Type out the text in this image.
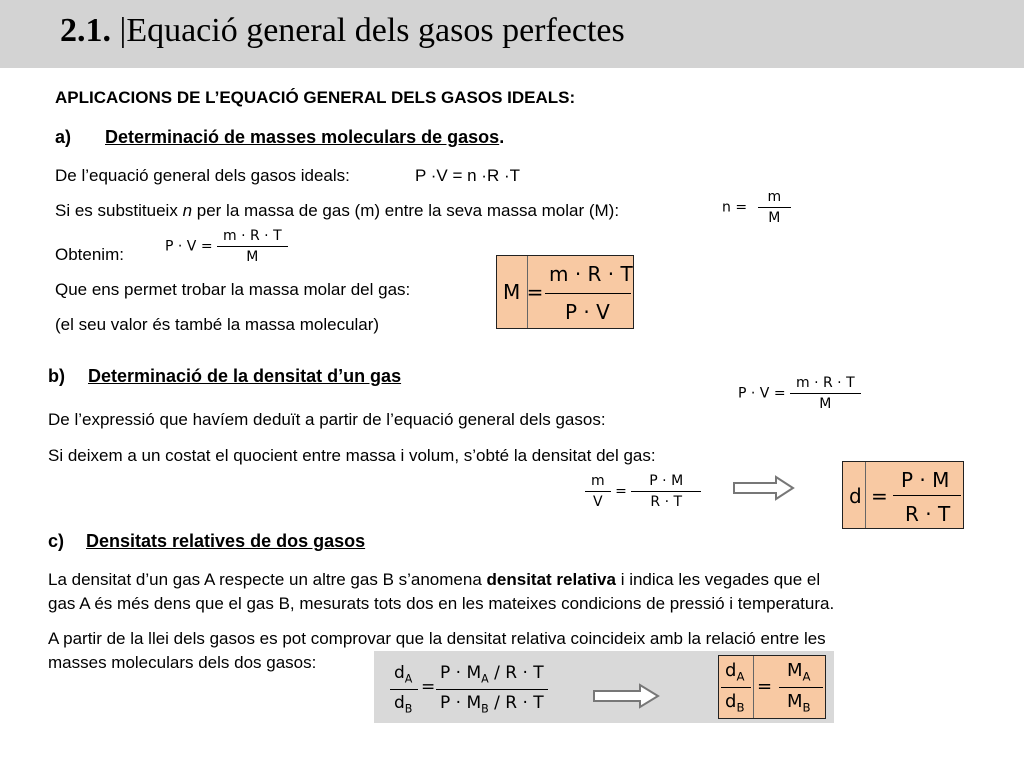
2.1. |Equació general dels gasos perfectes
APLICACIONS DE L’EQUACIÓ GENERAL DELS GASOS IDEALS:
a) Determinació de masses moleculars de gasos.
De l’equació general dels gasos ideals:	P ·V = n ·R ·T
Si es substitueix n per la massa de gas (m) entre la seva massa molar (M):	$n = \frac{m}{M}$
Obtenim:	$P \cdot V = \frac{m \cdot R \cdot T}{M}$
Que ens permet trobar la massa molar del gas:
(el seu valor és també la massa molecular)
M =
m · R · T
P · V
b) Determinació de la densitat d’un gas
$P \cdot V = \frac{m \cdot R \cdot T}{M}$
De l’expressió que havíem deduït a partir de l’equació general dels gasos:
Si deixem a un costat el quocient entre massa i volum, s’obté la densitat del gas:
$\frac{m}{V} = \frac{P \cdot M}{R \cdot T}$	d =
P · M
R · T
c) Densitats relatives de dos gasos
La densitat d’un gas A respecte un altre gas B s’anomena densitat relativa i indica les vegades que el
gas A és més dens que el gas B, mesurats tots dos en les mateixes condicions de pressió i temperatura.
A partir de la llei dels gasos es pot comprovar que la densitat relativa coincideix amb la relació entre les
masses moleculars dels dos gasos:
$d_A$
$d_B$
=
$P \cdot M_A / R \cdot T$
$P \cdot M_B / R \cdot T$
$d_A$
$d_B$
=
$M_A$
$M_B$
